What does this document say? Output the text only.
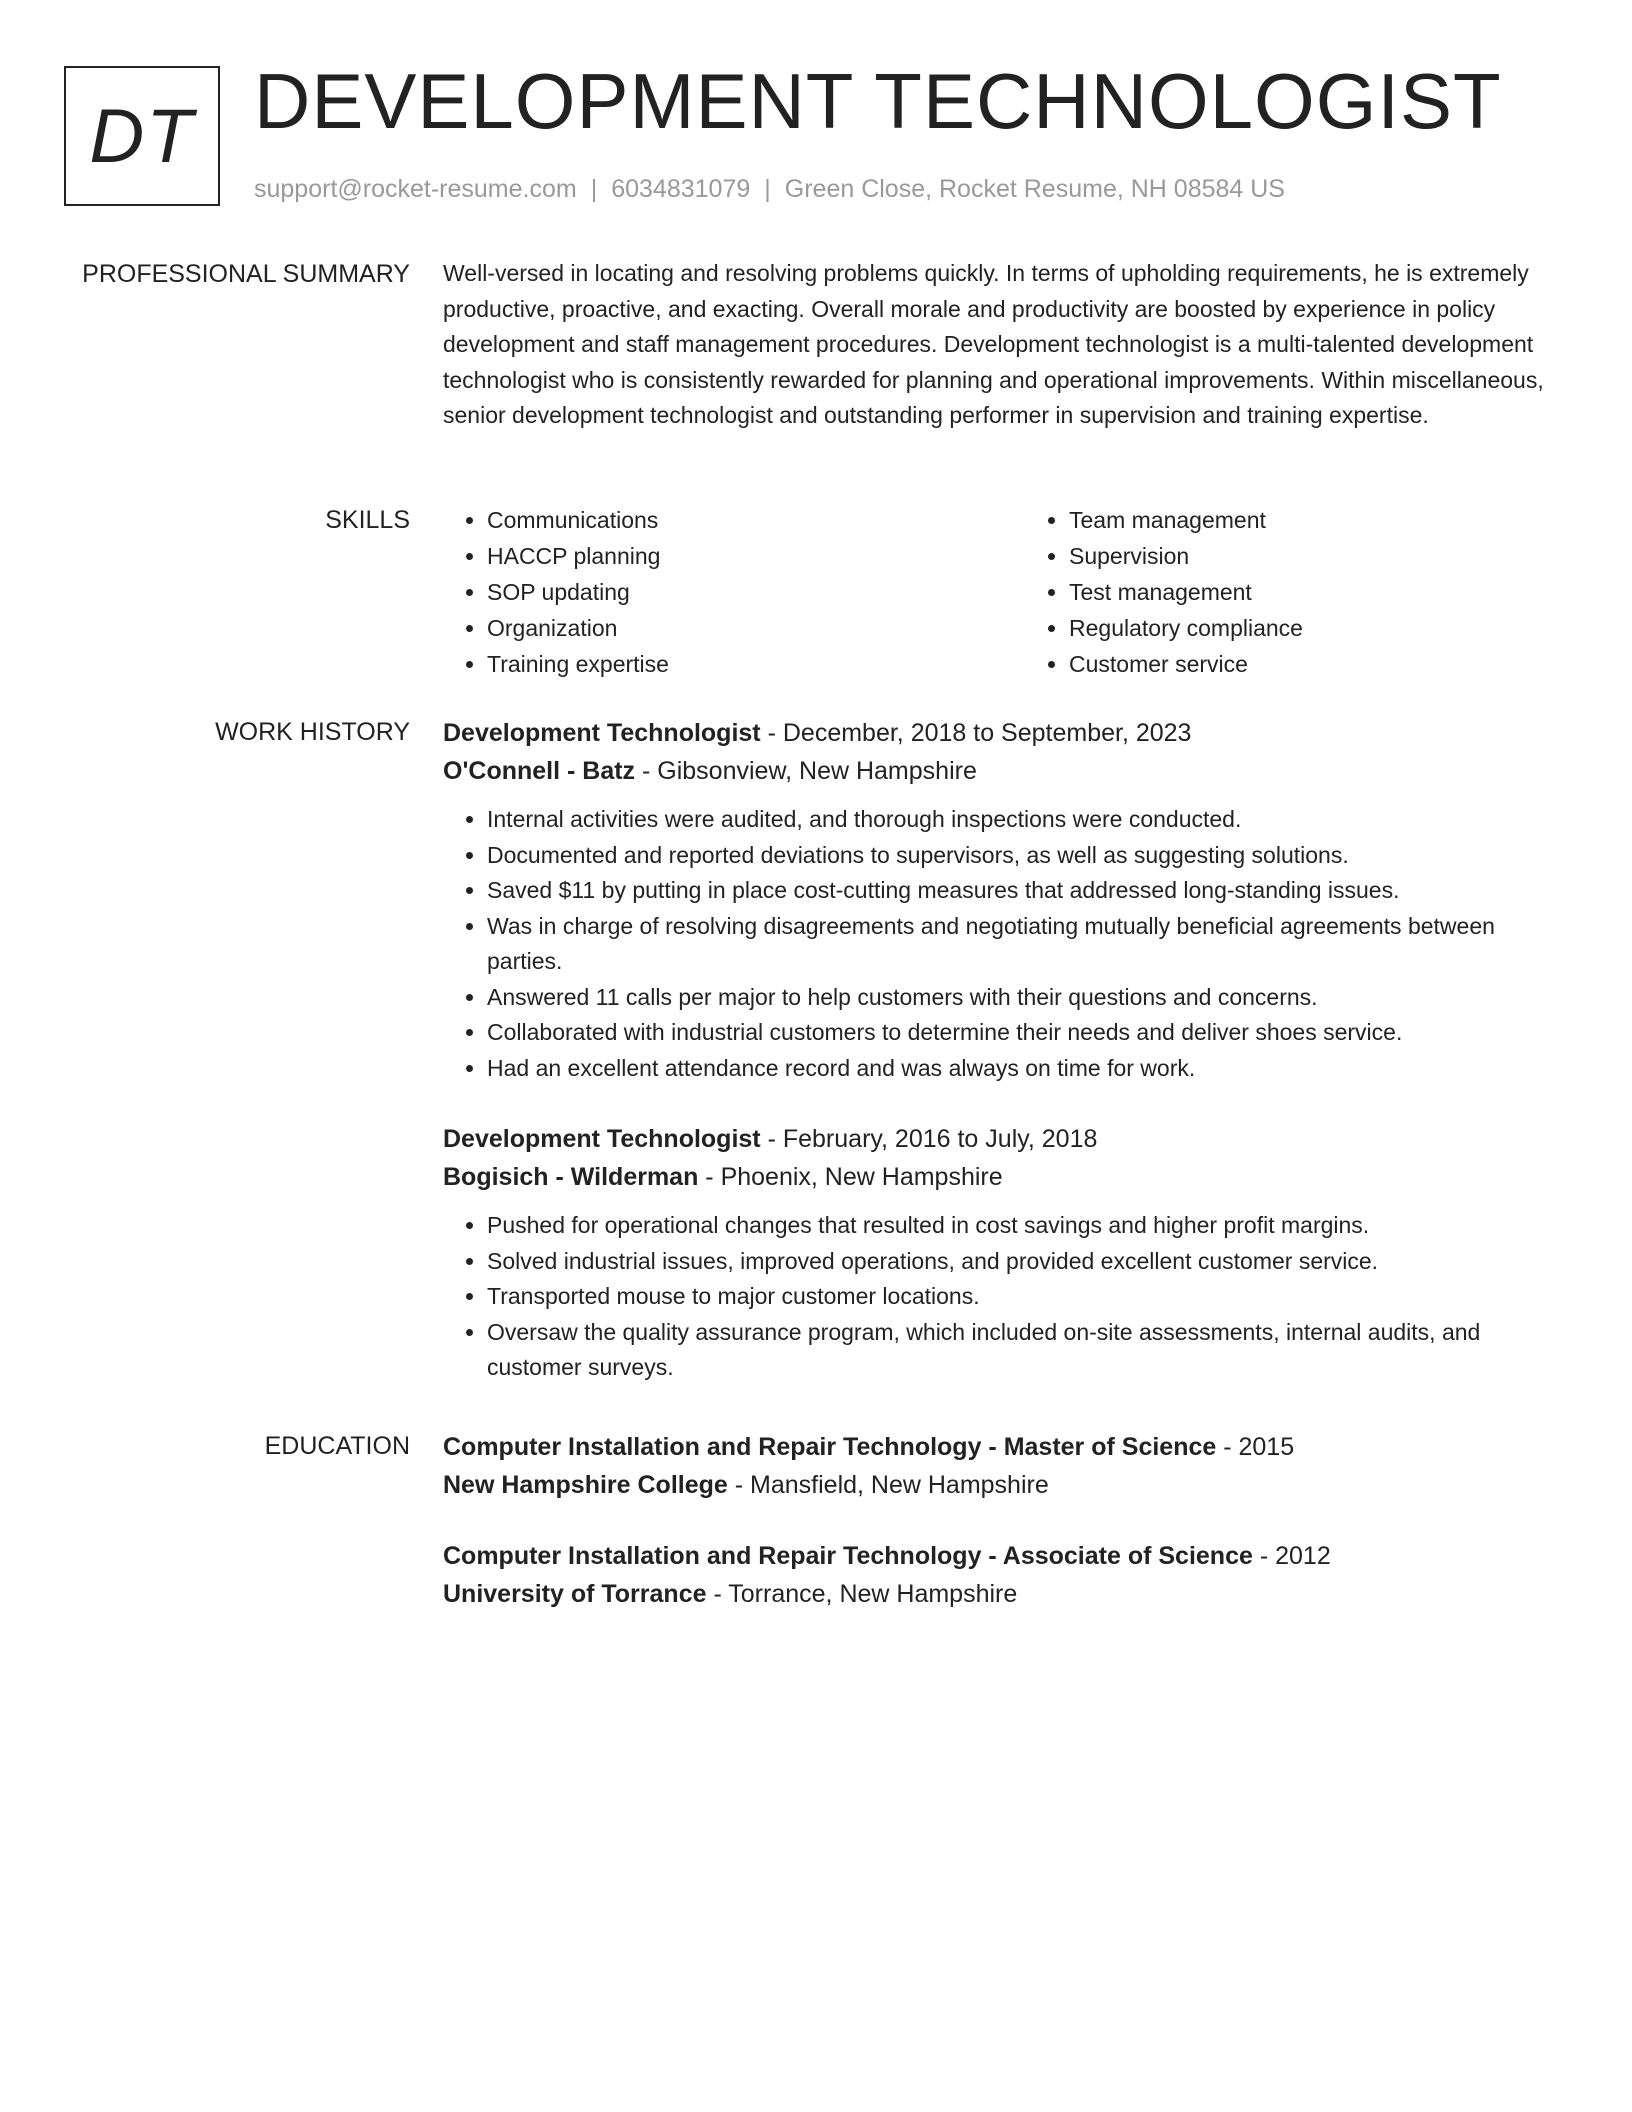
DT DEVELOPMENT TECHNOLOGIST
support@rocket-resume.com | 6034831079 | Green Close, Rocket Resume, NH 08584 US
PROFESSIONAL SUMMARY Well-versed in locating and resolving problems quickly. In terms of upholding requirements, he is extremely productive, proactive, and exacting. Overall morale and productivity are boosted by experience in policy development and staff management procedures. Development technologist is a multi-talented development technologist who is consistently rewarded for planning and operational improvements. Within miscellaneous, senior development technologist and outstanding performer in supervision and training expertise.

SKILLS
•	Communications
• HACCP planning
• SOP updating
• Organization
• Training expertise
• Team management
• Supervision
• Test management
• Regulatory compliance
• Customer service
WORK HISTORY Development Technologist - December, 2018 to September, 2023
O'Connell - Batz - Gibsonview, New Hampshire
• Internal activities were audited, and thorough inspections were conducted.
• Documented and reported deviations to supervisors, as well as suggesting solutions.
• Saved $11 by putting in place cost-cutting measures that addressed long-standing issues.
• Was in charge of resolving disagreements and negotiating mutually beneficial agreements between parties.
• Answered 11 calls per major to help customers with their questions and concerns.
• Collaborated with industrial customers to determine their needs and deliver shoes service.
• Had an excellent attendance record and was always on time for work.
Development Technologist - February, 2016 to July, 2018
Bogisich - Wilderman - Phoenix, New Hampshire
• Pushed for operational changes that resulted in cost savings and higher profit margins.
• Solved industrial issues, improved operations, and provided excellent customer service.
• Transported mouse to major customer locations.
• Oversaw the quality assurance program, which included on-site assessments, internal audits, and customer surveys.
EDUCATION Computer Installation and Repair Technology - Master of Science - 2015
New Hampshire College - Mansfield, New Hampshire
Computer Installation and Repair Technology - Associate of Science - 2012
University of Torrance - Torrance, New Hampshire
